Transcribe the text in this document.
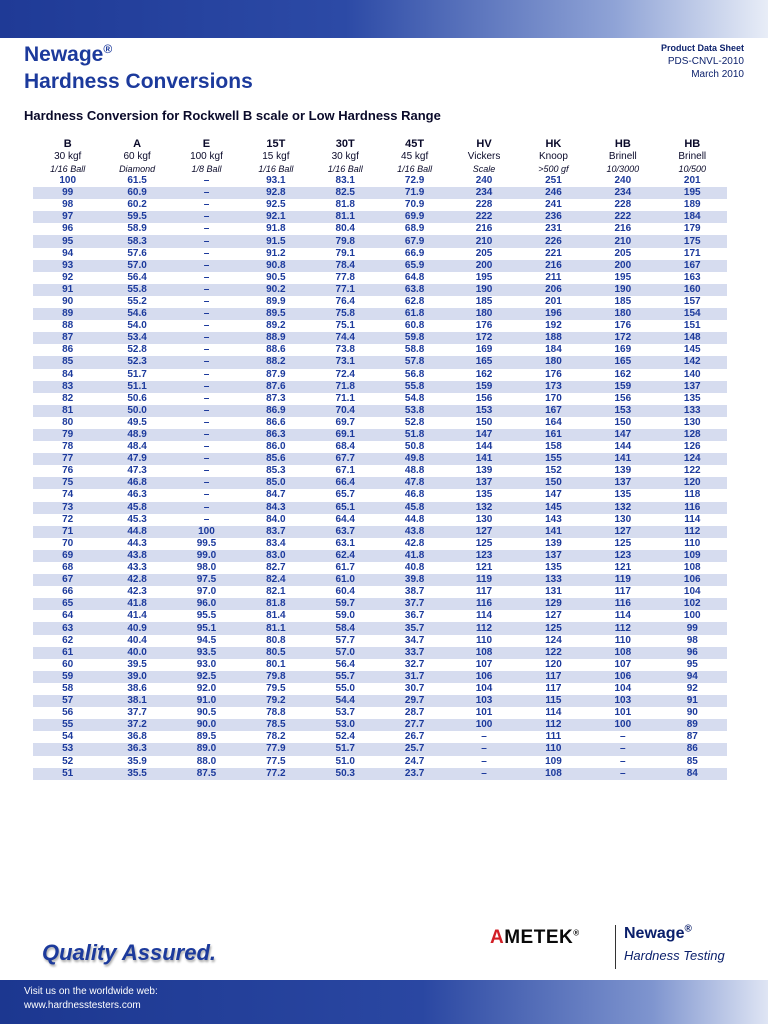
Newage®
Hardness Conversions
Product Data Sheet
PDS-CNVL-2010
March 2010
Hardness Conversion for Rockwell B scale or Low Hardness Range
B	A	E	15T	30T	45T	HV	HK	HB	HB
30 kgf	60 kgf	100 kgf	15 kgf	30 kgf	45 kgf	Vickers	Knoop	Brinell	Brinell
1/16 Ball	Diamond	1/8 Ball	1/16 Ball	1/16 Ball	1/16 Ball	Scale	>500 gf	10/3000	10/500
100	61.5	–	93.1	83.1	72.9	240	251	240	201
99	60.9	–	92.8	82.5	71.9	234	246	234	195
98	60.2	–	92.5	81.8	70.9	228	241	228	189
97	59.5	–	92.1	81.1	69.9	222	236	222	184
96	58.9	–	91.8	80.4	68.9	216	231	216	179
95	58.3	–	91.5	79.8	67.9	210	226	210	175
94	57.6	–	91.2	79.1	66.9	205	221	205	171
93	57.0	–	90.8	78.4	65.9	200	216	200	167
92	56.4	–	90.5	77.8	64.8	195	211	195	163
91	55.8	–	90.2	77.1	63.8	190	206	190	160
90	55.2	–	89.9	76.4	62.8	185	201	185	157
89	54.6	–	89.5	75.8	61.8	180	196	180	154
88	54.0	–	89.2	75.1	60.8	176	192	176	151
87	53.4	–	88.9	74.4	59.8	172	188	172	148
86	52.8	–	88.6	73.8	58.8	169	184	169	145
85	52.3	–	88.2	73.1	57.8	165	180	165	142
84	51.7	–	87.9	72.4	56.8	162	176	162	140
83	51.1	–	87.6	71.8	55.8	159	173	159	137
82	50.6	–	87.3	71.1	54.8	156	170	156	135
81	50.0	–	86.9	70.4	53.8	153	167	153	133
80	49.5	–	86.6	69.7	52.8	150	164	150	130
79	48.9	–	86.3	69.1	51.8	147	161	147	128
78	48.4	–	86.0	68.4	50.8	144	158	144	126
77	47.9	–	85.6	67.7	49.8	141	155	141	124
76	47.3	–	85.3	67.1	48.8	139	152	139	122
75	46.8	–	85.0	66.4	47.8	137	150	137	120
74	46.3	–	84.7	65.7	46.8	135	147	135	118
73	45.8	–	84.3	65.1	45.8	132	145	132	116
72	45.3	–	84.0	64.4	44.8	130	143	130	114
71	44.8	100	83.7	63.7	43.8	127	141	127	112
70	44.3	99.5	83.4	63.1	42.8	125	139	125	110
69	43.8	99.0	83.0	62.4	41.8	123	137	123	109
68	43.3	98.0	82.7	61.7	40.8	121	135	121	108
67	42.8	97.5	82.4	61.0	39.8	119	133	119	106
66	42.3	97.0	82.1	60.4	38.7	117	131	117	104
65	41.8	96.0	81.8	59.7	37.7	116	129	116	102
64	41.4	95.5	81.4	59.0	36.7	114	127	114	100
63	40.9	95.1	81.1	58.4	35.7	112	125	112	99
62	40.4	94.5	80.8	57.7	34.7	110	124	110	98
61	40.0	93.5	80.5	57.0	33.7	108	122	108	96
60	39.5	93.0	80.1	56.4	32.7	107	120	107	95
59	39.0	92.5	79.8	55.7	31.7	106	117	106	94
58	38.6	92.0	79.5	55.0	30.7	104	117	104	92
57	38.1	91.0	79.2	54.4	29.7	103	115	103	91
56	37.7	90.5	78.8	53.7	28.7	101	114	101	90
55	37.2	90.0	78.5	53.0	27.7	100	112	100	89
54	36.8	89.5	78.2	52.4	26.7	–	111	–	87
53	36.3	89.0	77.9	51.7	25.7	–	110	–	86
52	35.9	88.0	77.5	51.0	24.7	–	109	–	85
51	35.5	87.5	77.2	50.3	23.7	–	108	–	84
Quality Assured.
AMETEK®	Newage®
Hardness Testing
Visit us on the worldwide web:
www.hardnesstesters.com
